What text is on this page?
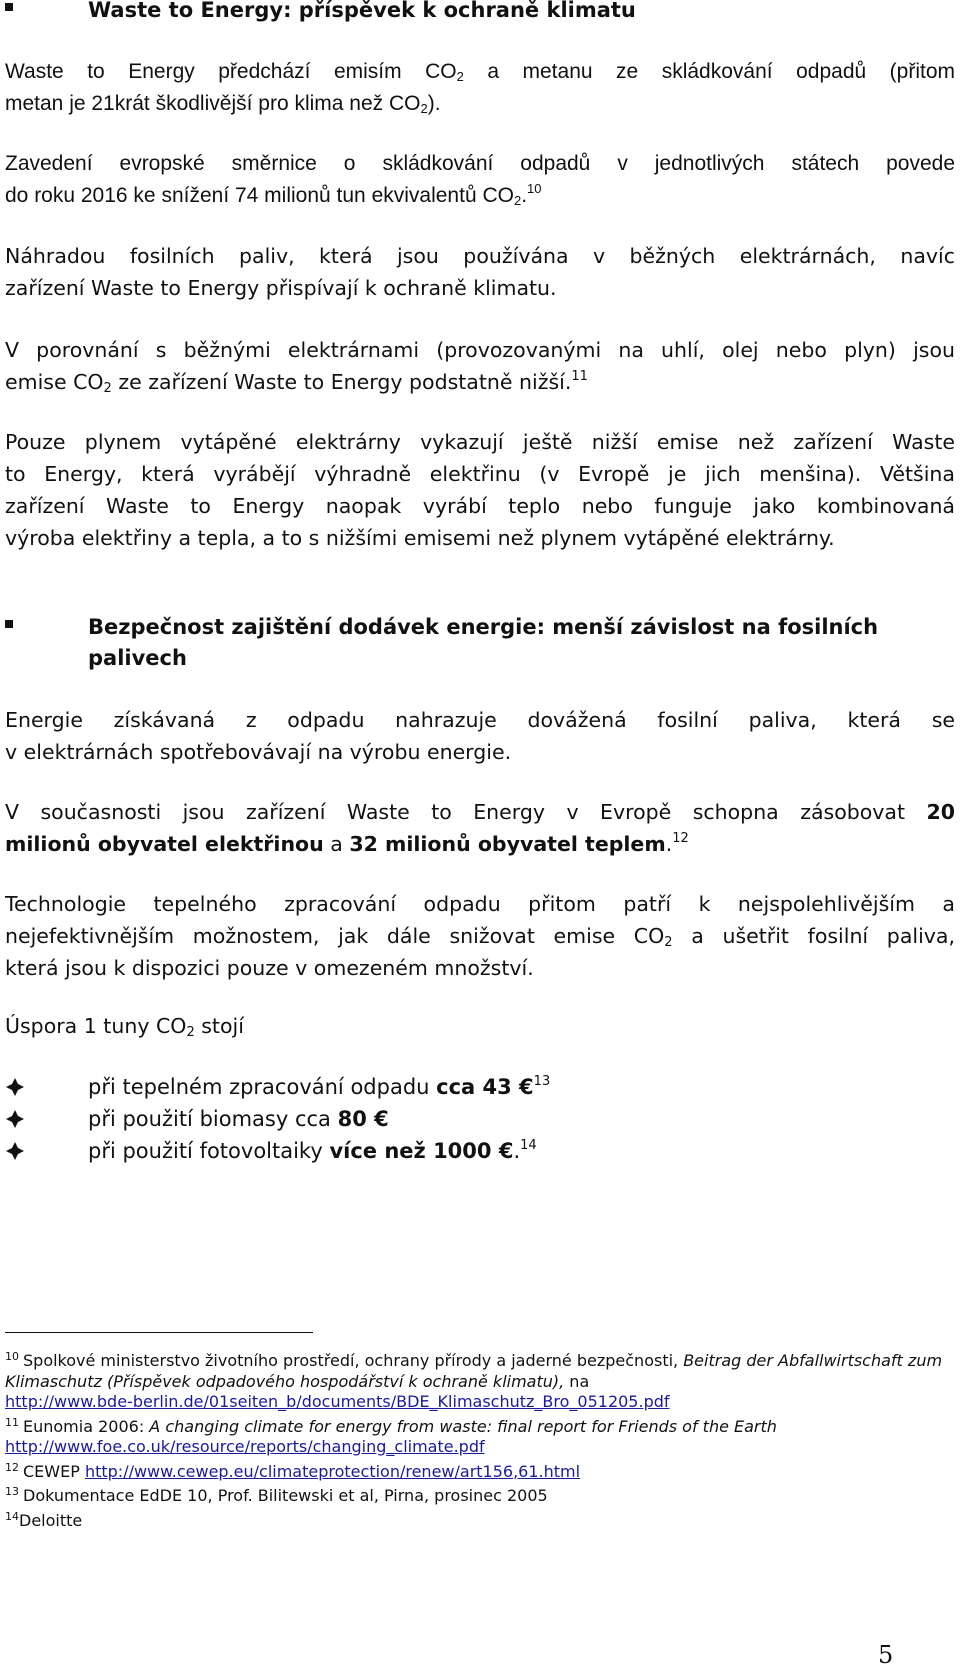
Waste to Energy: příspěvek k ochraně klimatu

Waste to Energy předchází emisím $CO_2$ a metanu ze skládkování odpadů (přitom
metan je 21krát škodlivější pro klima než $CO_2$).

Zavedení evropské směrnice o skládkování odpadů v jednotlivých státech povede
do roku 2016 ke snížení 74 milionů tun ekvivalentů $CO_2.^{10}$

Náhradou fosilních paliv, která jsou používána v běžných elektrárnách, navíc
zařízení Waste to Energy přispívají k ochraně klimatu.

V porovnání s běžnými elektrárnami (provozovanými na uhlí, olej nebo plyn) jsou
emise $CO_2$ ze zařízení Waste to Energy podstatně nižší.$^{11}$

Pouze plynem vytápěné elektrárny vykazují ještě nižší emise než zařízení Waste
to Energy, která vyrábějí výhradně elektřinu (v Evropě je jich menšina). Většina
zařízení Waste to Energy naopak vyrábí teplo nebo funguje jako kombinovaná
výroba elektřiny a tepla, a to s nižšími emisemi než plynem vytápěné elektrárny.

Bezpečnost zajištění dodávek energie: menší závislost na fosilních
palivech

Energie získávaná z odpadu nahrazuje dovážená fosilní paliva, která se
v elektrárnách spotřebovávají na výrobu energie.

V současnosti jsou zařízení Waste to Energy v Evropě schopna zásobovat 20
milionů obyvatel elektřinou a 32 milionů obyvatel teplem.$^{12}$

Technologie tepelného zpracování odpadu přitom patří k nejspolehlivějším a
nejefektivnějším možnostem, jak dále snižovat emise $CO_2$ a ušetřit fosilní paliva,
která jsou k dispozici pouze v omezeném množství.

Úspora 1 tuny $CO_2$ stojí

při tepelném zpracování odpadu cca 43 €$^{13}$
při použití biomasy cca 80 €
při použití fotovoltaiky více než 1000 €.$^{14}$
$^{10}$ Spolkové ministerstvo životního prostředí, ochrany přírody a jaderné bezpečnosti, Beitrag der Abfallwirtschaft zum Klimaschutz (Příspěvek odpadového hospodářství k ochraně klimatu), na
http://www.bde-berlin.de/01seiten_b/documents/BDE_Klimaschutz_Bro_051205.pdf
$^{11}$ Eunomia 2006: A changing climate for energy from waste: final report for Friends of the Earth
http://www.foe.co.uk/resource/reports/changing_climate.pdf
$^{12}$ CEWEP http://www.cewep.eu/climateprotection/renew/art156,61.html
$^{13}$ Dokumentace EdDE 10, Prof. Bilitewski et al, Pirna, prosinec 2005
$^{14}$Deloitte
5
